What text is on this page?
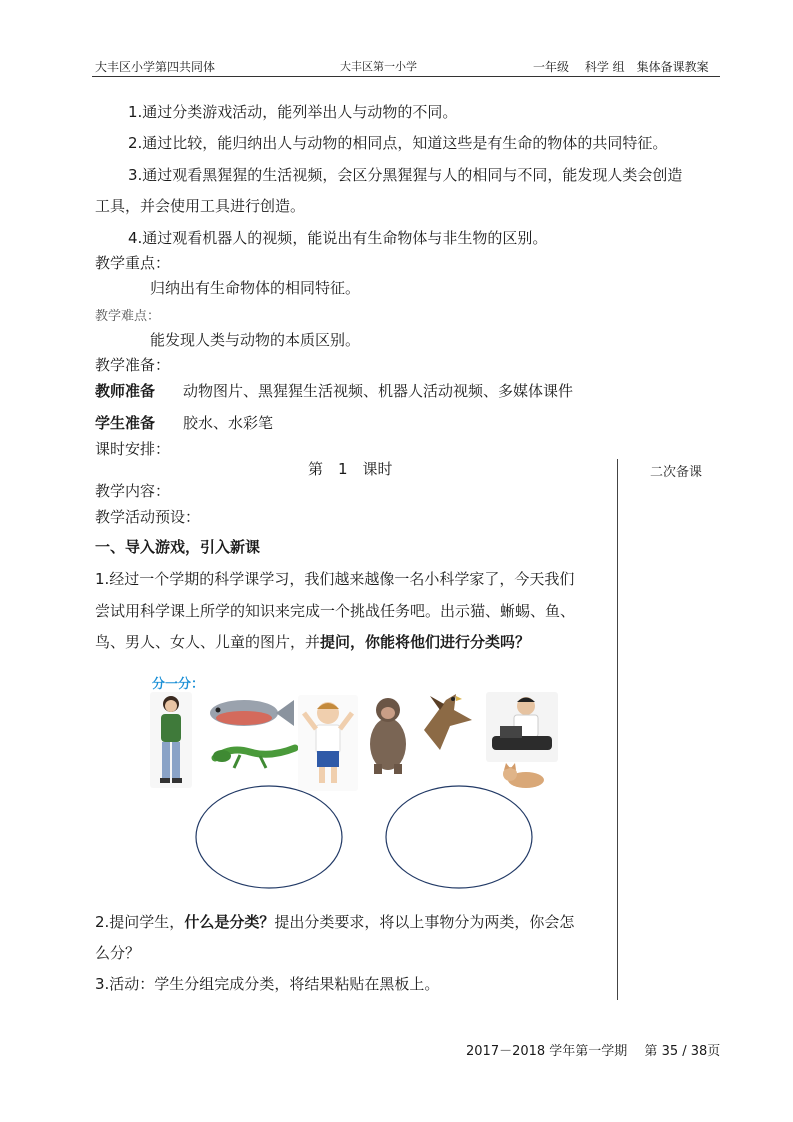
大丰区小学第四共同体	大丰区第一小学	一年级　 科学 组　集体备课教案
1.通过分类游戏活动，能列举出人与动物的不同。
2.通过比较，能归纳出人与动物的相同点，知道这些是有生命的物体的共同特征。
3.通过观看黑猩猩的生活视频，会区分黑猩猩与人的相同与不同，能发现人类会创造
工具，并会使用工具进行创造。
4.通过观看机器人的视频，能说出有生命物体与非生物的区别。
教学重点：
归纳出有生命物体的相同特征。
教学难点：
能发现人类与动物的本质区别。
教学准备：
教师准备 动物图片、黑猩猩生活视频、机器人活动视频、多媒体课件
学生准备 胶水、水彩笔
课时安排：
第　1　课时	二次备课
教学内容：
教学活动预设：
一、导入游戏，引入新课
1.经过一个学期的科学课学习，我们越来越像一名小科学家了，今天我们
尝试用科学课上所学的知识来完成一个挑战任务吧。出示猫、蜥蜴、鱼、
鸟、男人、女人、儿童的图片，并提问，你能将他们进行分类吗？
分一分：
2.提问学生，什么是分类？提出分类要求，将以上事物分为两类，你会怎
么分？
3.活动：学生分组完成分类，将结果粘贴在黑板上。
2017－2018 学年第一学期　 第 35 / 38页
